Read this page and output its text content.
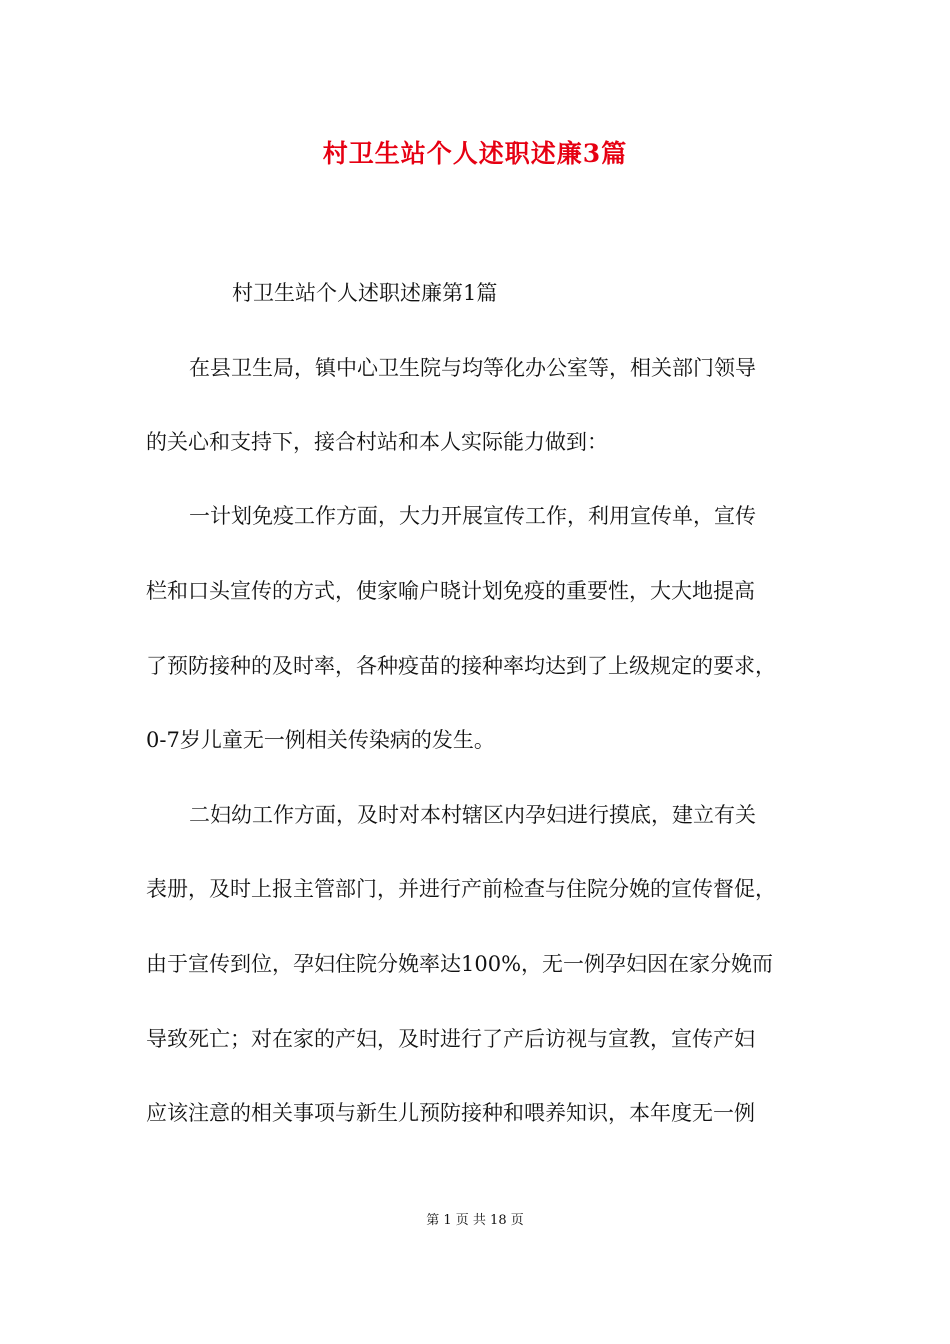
村卫生站个人述职述廉3篇
村卫生站个人述职述廉第1篇
在县卫生局，镇中心卫生院与均等化办公室等，相关部门领导
的关心和支持下，接合村站和本人实际能力做到：
一计划免疫工作方面，大力开展宣传工作，利用宣传单，宣传
栏和口头宣传的方式，使家喻户晓计划免疫的重要性，大大地提高
了预防接种的及时率，各种疫苗的接种率均达到了上级规定的要求，
0-7岁儿童无一例相关传染病的发生。
二妇幼工作方面，及时对本村辖区内孕妇进行摸底，建立有关
表册，及时上报主管部门，并进行产前检查与住院分娩的宣传督促，
由于宣传到位，孕妇住院分娩率达100%，无一例孕妇因在家分娩而
导致死亡；对在家的产妇，及时进行了产后访视与宣教，宣传产妇
应该注意的相关事项与新生儿预防接种和喂养知识，本年度无一例
第 1 页 共 18 页
